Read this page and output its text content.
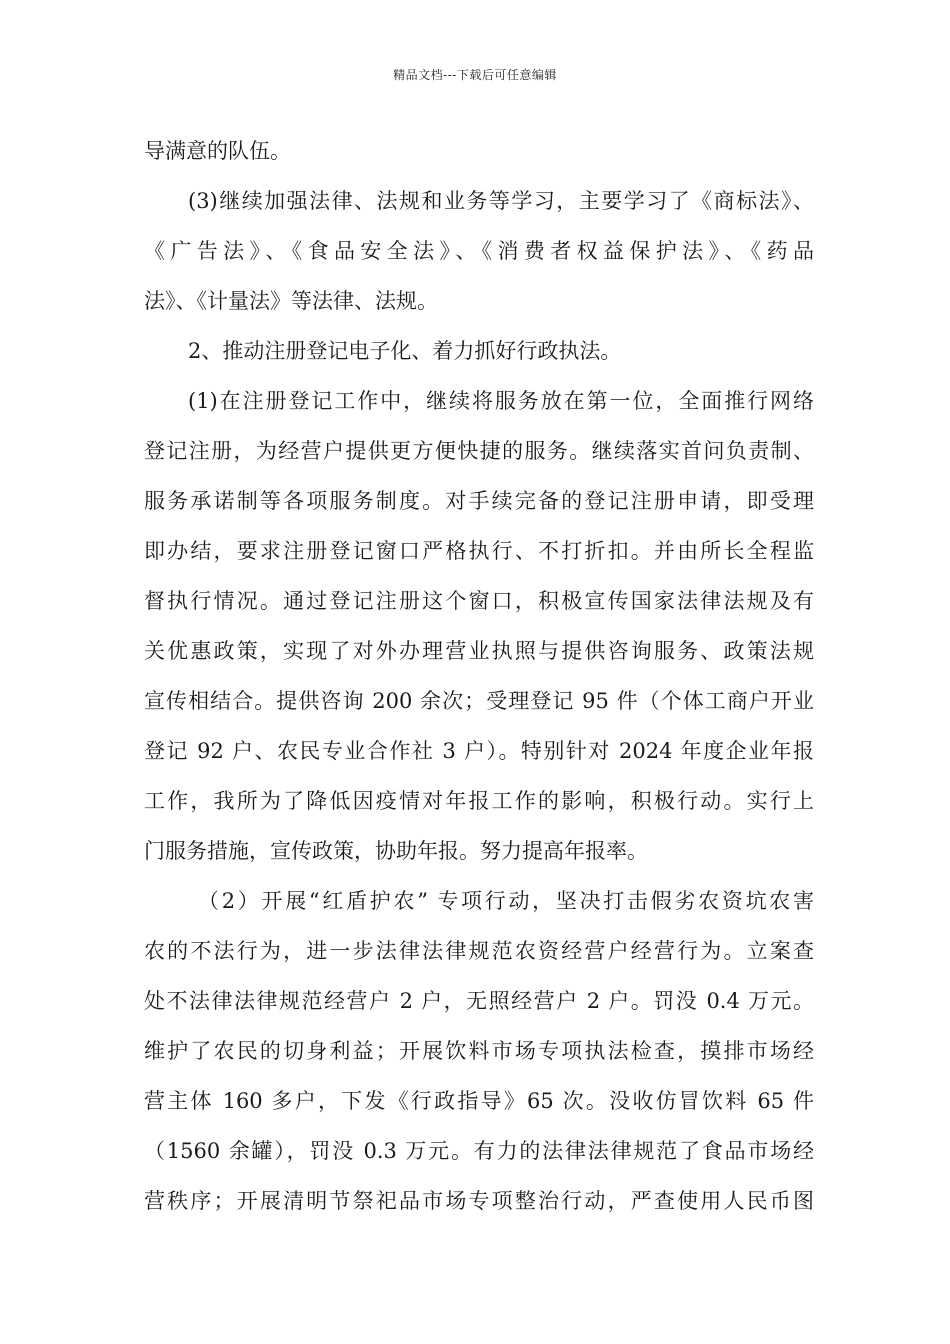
精品文档---下载后可任意编辑
导满意的队伍。
(3)继续加强法律、法规和业务等学习，主要学习了《商标法》、
《广告法》、《食品安全法》、《消费者权益保护法》、《药品
法》、《计量法》等法律、法规。
2、推动注册登记电子化、着力抓好行政执法。
(1)在注册登记工作中，继续将服务放在第一位，全面推行网络
登记注册，为经营户提供更方便快捷的服务。继续落实首问负责制、
服务承诺制等各项服务制度。对手续完备的登记注册申请，即受理
即办结，要求注册登记窗口严格执行、不打折扣。并由所长全程监
督执行情况。通过登记注册这个窗口，积极宣传国家法律法规及有
关优惠政策，实现了对外办理营业执照与提供咨询服务、政策法规
宣传相结合。提供咨询 200 余次；受理登记 95 件（个体工商户开业
登记 92 户、农民专业合作社 3 户）。特别针对 2024 年度企业年报
工作，我所为了降低因疫情对年报工作的影响，积极行动。实行上
门服务措施，宣传政策，协助年报。努力提高年报率。
（2）开展“红盾护农” 专项行动，坚决打击假劣农资坑农害
农的不法行为，进一步法律法律规范农资经营户经营行为。立案查
处不法律法律规范经营户 2 户，无照经营户 2 户。罚没 0.4 万元。
维护了农民的切身利益；开展饮料市场专项执法检查，摸排市场经
营主体 160 多户，下发《行政指导》65 次。没收仿冒饮料 65 件
（1560 余罐），罚没 0.3 万元。有力的法律法律规范了食品市场经
营秩序；开展清明节祭祀品市场专项整治行动，严查使用人民币图
